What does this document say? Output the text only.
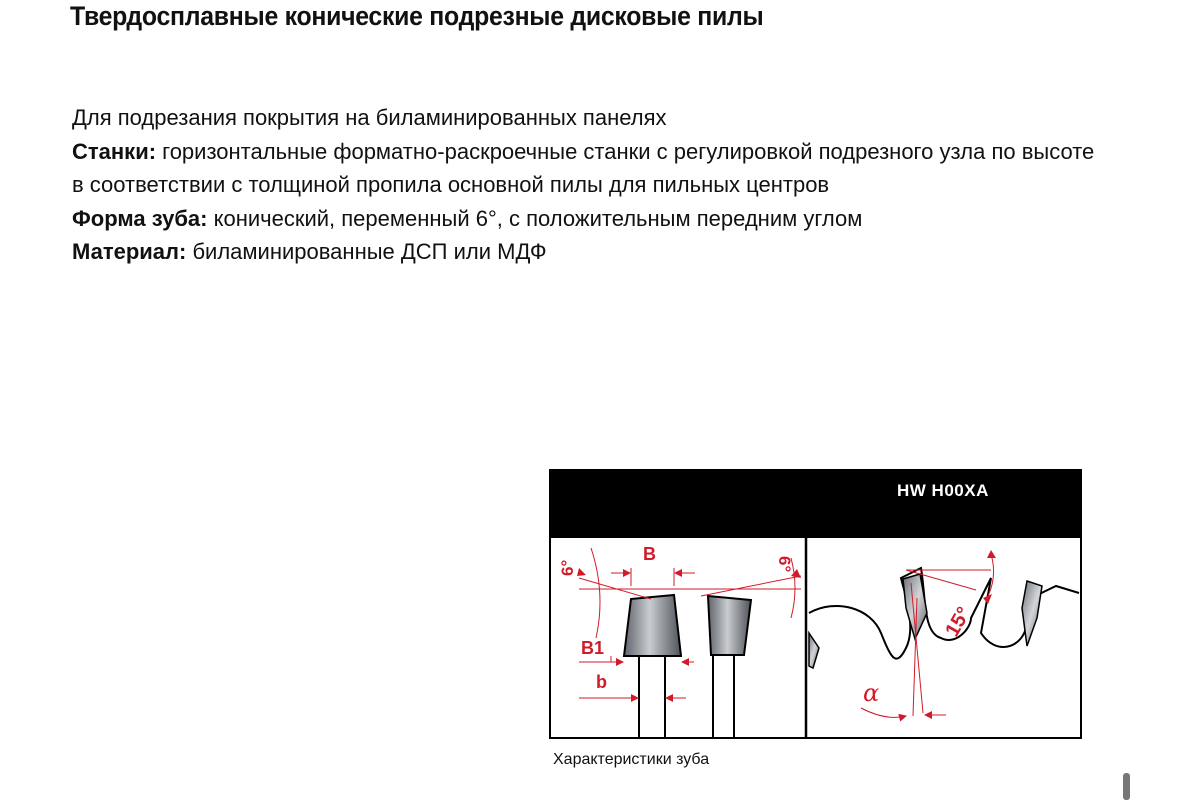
Твердосплавные конические подрезные дисковые пилы

Для подрезания покрытия на биламинированных панелях

Станки: горизонтальные форматно-раскроечные станки с регулировкой подрезного узла по высоте в соответствии с толщиной пропила основной пилы для пильных центров

Форма зуба: конический, переменный 6°, с положительным передним углом

Материал: биламинированные ДСП или МДФ

HW H00XA
6°	6°
B
B1
b
15°
α
Характеристики зуба
